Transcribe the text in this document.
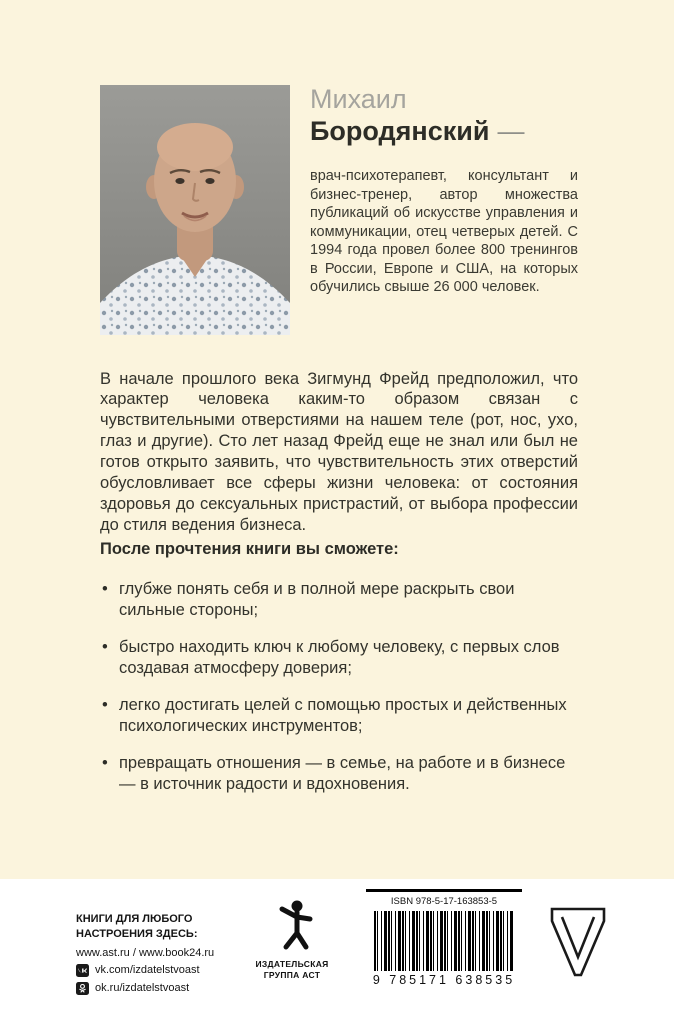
Михаил
Бородянский —
врач-психотерапевт, консультант и бизнес-тренер, автор множества публикаций об искусстве управления и коммуникации, отец четверых детей. С 1994 года провел более 800 тренингов в России, Европе и США, на которых обучились свыше 26 000 человек.

В начале прошлого века Зигмунд Фрейд предположил, что характер человека каким-то образом связан с чувствительными отверстиями на нашем теле (рот, нос, ухо, глаз и другие). Сто лет назад Фрейд еще не знал или был не готов открыто заявить, что чувствительность этих отверстий обусловливает все сферы жизни человека: от состояния здоровья до сексуальных пристрастий, от выбора профессии до стиля ведения бизнеса.

После прочтения книги вы сможете:
• глубже понять себя и в полной мере раскрыть свои сильные стороны;
• быстро находить ключ к любому человеку, с первых слов создавая атмосферу доверия;
• легко достигать целей с помощью простых и действенных психологических инструментов;
• превращать отношения — в семье, на работе и в бизнесе — в источник радости и вдохновения.
КНИГИ ДЛЯ ЛЮБОГО НАСТРОЕНИЯ ЗДЕСЬ:
www.ast.ru / www.book24.ru
vk.com/izdatelstvoast
ok.ru/izdatelstvoast
ИЗДАТЕЛЬСКАЯ ГРУППА АСТ
ISBN 978-5-17-163853-5
9 785171 638535
